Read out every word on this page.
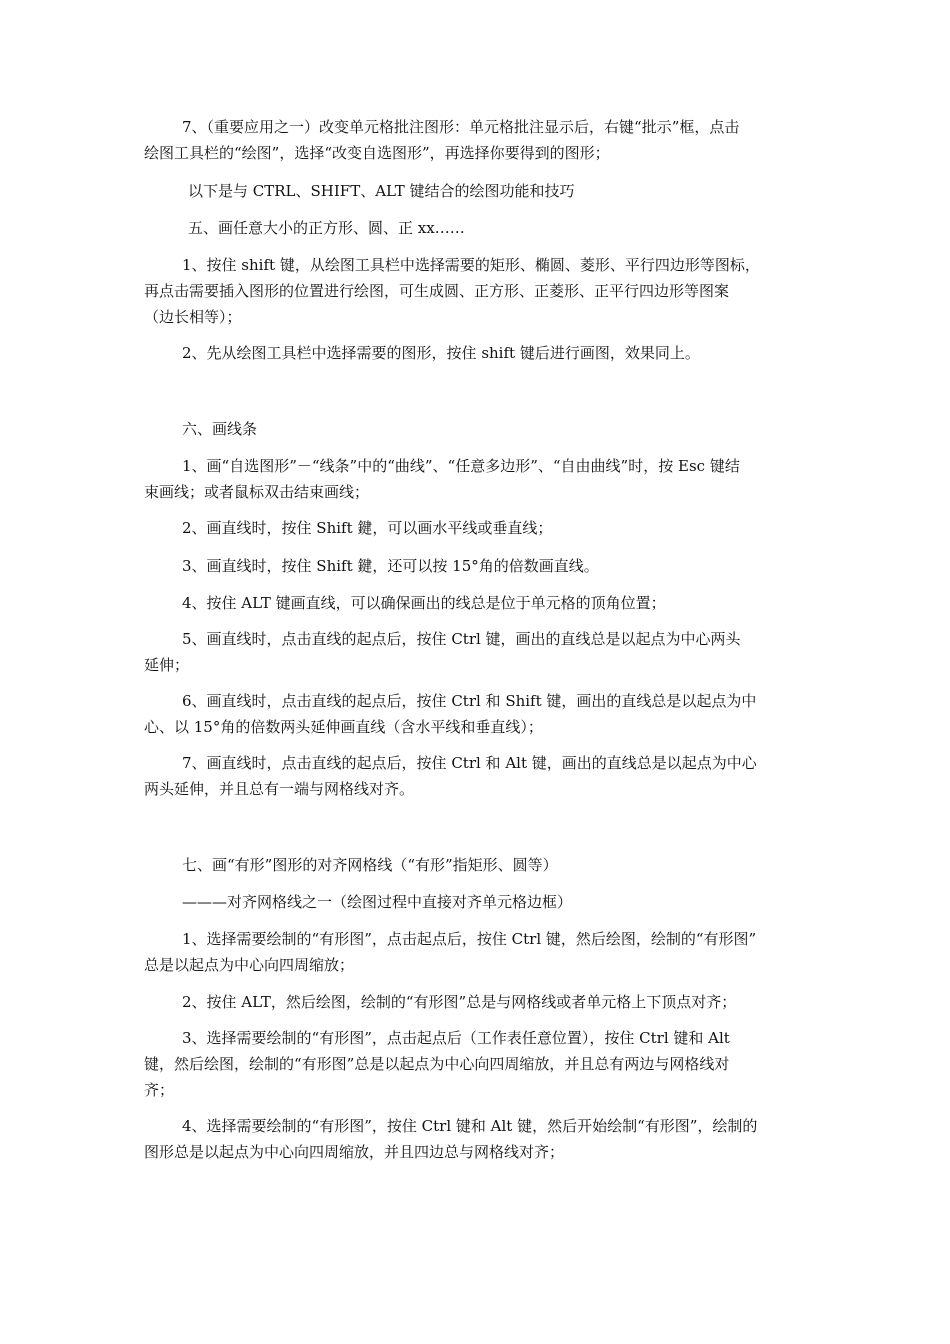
7、（重要应用之一）改变单元格批注图形：单元格批注显示后，右键“批示”框，点击
绘图工具栏的“绘图”，选择“改变自选图形”，再选择你要得到的图形；
以下是与 CTRL、SHIFT、ALT 键结合的绘图功能和技巧
五、画任意大小的正方形、圆、正 xx……
1、按住 shift 键，从绘图工具栏中选择需要的矩形、椭圆、菱形、平行四边形等图标，
再点击需要插入图形的位置进行绘图，可生成圆、正方形、正菱形、正平行四边形等图案
（边长相等）；
2、先从绘图工具栏中选择需要的图形，按住 shift 键后进行画图，效果同上。
六、画线条
1、画“自选图形”－“线条”中的“曲线”、“任意多边形”、“自由曲线”时，按 Esc 键结
束画线；或者鼠标双击结束画线；
2、画直线时，按住 Shift 鍵，可以画水平线或垂直线；
3、画直线时，按住 Shift 鍵，还可以按 15°角的倍数画直线。
4、按住 ALT 键画直线，可以确保画出的线总是位于单元格的顶角位置；
5、画直线时，点击直线的起点后，按住 Ctrl 键，画出的直线总是以起点为中心两头
延伸；
6、画直线时，点击直线的起点后，按住 Ctrl 和 Shift 键，画出的直线总是以起点为中
心、以 15°角的倍数两头延伸画直线（含水平线和垂直线）；
7、画直线时，点击直线的起点后，按住 Ctrl 和 Alt 键，画出的直线总是以起点为中心
两头延伸，并且总有一端与网格线对齐。
七、画“有形”图形的对齐网格线（“有形”指矩形、圆等）
———对齐网格线之一（绘图过程中直接对齐单元格边框）
1、选择需要绘制的“有形图”，点击起点后，按住 Ctrl 键，然后绘图，绘制的“有形图”
总是以起点为中心向四周缩放；
2、按住 ALT，然后绘图，绘制的“有形图”总是与网格线或者单元格上下顶点对齐；
3、选择需要绘制的“有形图”，点击起点后（工作表任意位置），按住 Ctrl 键和 Alt
键，然后绘图，绘制的“有形图”总是以起点为中心向四周缩放，并且总有两边与网格线对
齐；
4、选择需要绘制的“有形图”，按住 Ctrl 键和 Alt 键，然后开始绘制“有形图”，绘制的
图形总是以起点为中心向四周缩放，并且四边总与网格线对齐；
